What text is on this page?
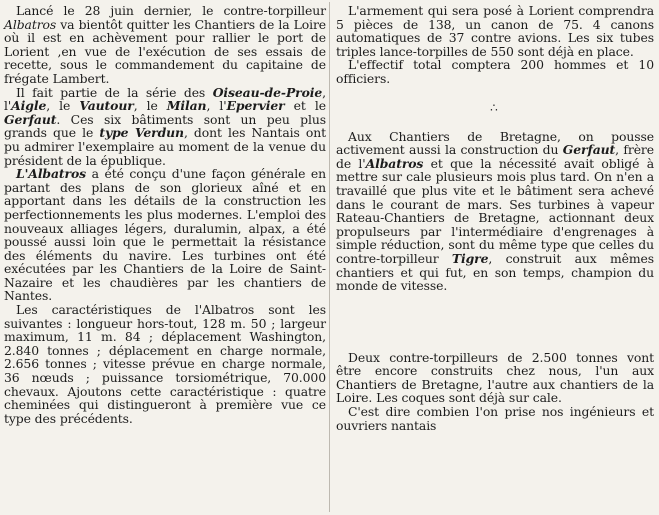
Lancé le 28 juin dernier, le contre-torpilleur Albatros va bientôt quitter les Chantiers de la Loire où il est en achèvement pour rallier le port de Lorient ,en vue de l'exécution de ses essais de recette, sous le commandement du capitaine de frégate Lambert.

Il fait partie de la série des Oiseau-de-Proie, l'Aigle, le Vautour, le Milan, l'Epervier et le Gerfaut. Ces six bâtiments sont un peu plus grands que le type Verdun, dont les Nantais ont pu admirer l'exemplaire au moment de la venue du président de la épublique.

L'Albatros a été conçu d'une façon générale en partant des plans de son glorieux aîné et en apportant dans les détails de la construction les perfectionnements les plus modernes. L'emploi des nouveaux alliages légers, duralumin, alpax, a été poussé aussi loin que le permettait la résistance des éléments du navire. Les turbines ont été exécutées par les Chantiers de la Loire de Saint-Nazaire et les chaudières par les chantiers de Nantes.

Les caractéristiques de l'Albatros sont les suivantes : longueur hors-tout, 128 m. 50 ; largeur maximum, 11 m. 84 ; déplacement Washington, 2.840 tonnes ; déplacement en charge normale, 2.656 tonnes ; vitesse prévue en charge normale, 36 nœuds ; puissance torsiométrique, 70.000 chevaux. Ajoutons cette caractéristique : quatre cheminées qui distingueront à première vue ce type des précédents.

L'armement qui sera posé à Lorient comprendra 5 pièces de 138, un canon de 75. 4 canons automatiques de 37 contre avions. Les six tubes triples lance-torpilles de 550 sont déjà en place.

L'effectif total comptera 200 hommes et 10 officiers.

∴

Aux Chantiers de Bretagne, on pousse activement aussi la construction du Gerfaut, frère de l'Albatros et que la nécessité avait obligé à mettre sur cale plusieurs mois plus tard. On n'en a travaillé que plus vite et le bâtiment sera achevé dans le courant de mars. Ses turbines à vapeur Rateau-Chantiers de Bretagne, actionnant deux propulseurs par l'intermédiaire d'engrenages à simple réduction, sont du même type que celles du contre-torpilleur Tigre, construit aux mêmes chantiers et qui fut, en son temps, champion du monde de vitesse.

Deux contre-torpilleurs de 2.500 tonnes vont être encore construits chez nous, l'un aux Chantiers de Bretagne, l'autre aux chantiers de la Loire. Les coques sont déjà sur cale.

C'est dire combien l'on prise nos ingénieurs et ouvriers nantais
